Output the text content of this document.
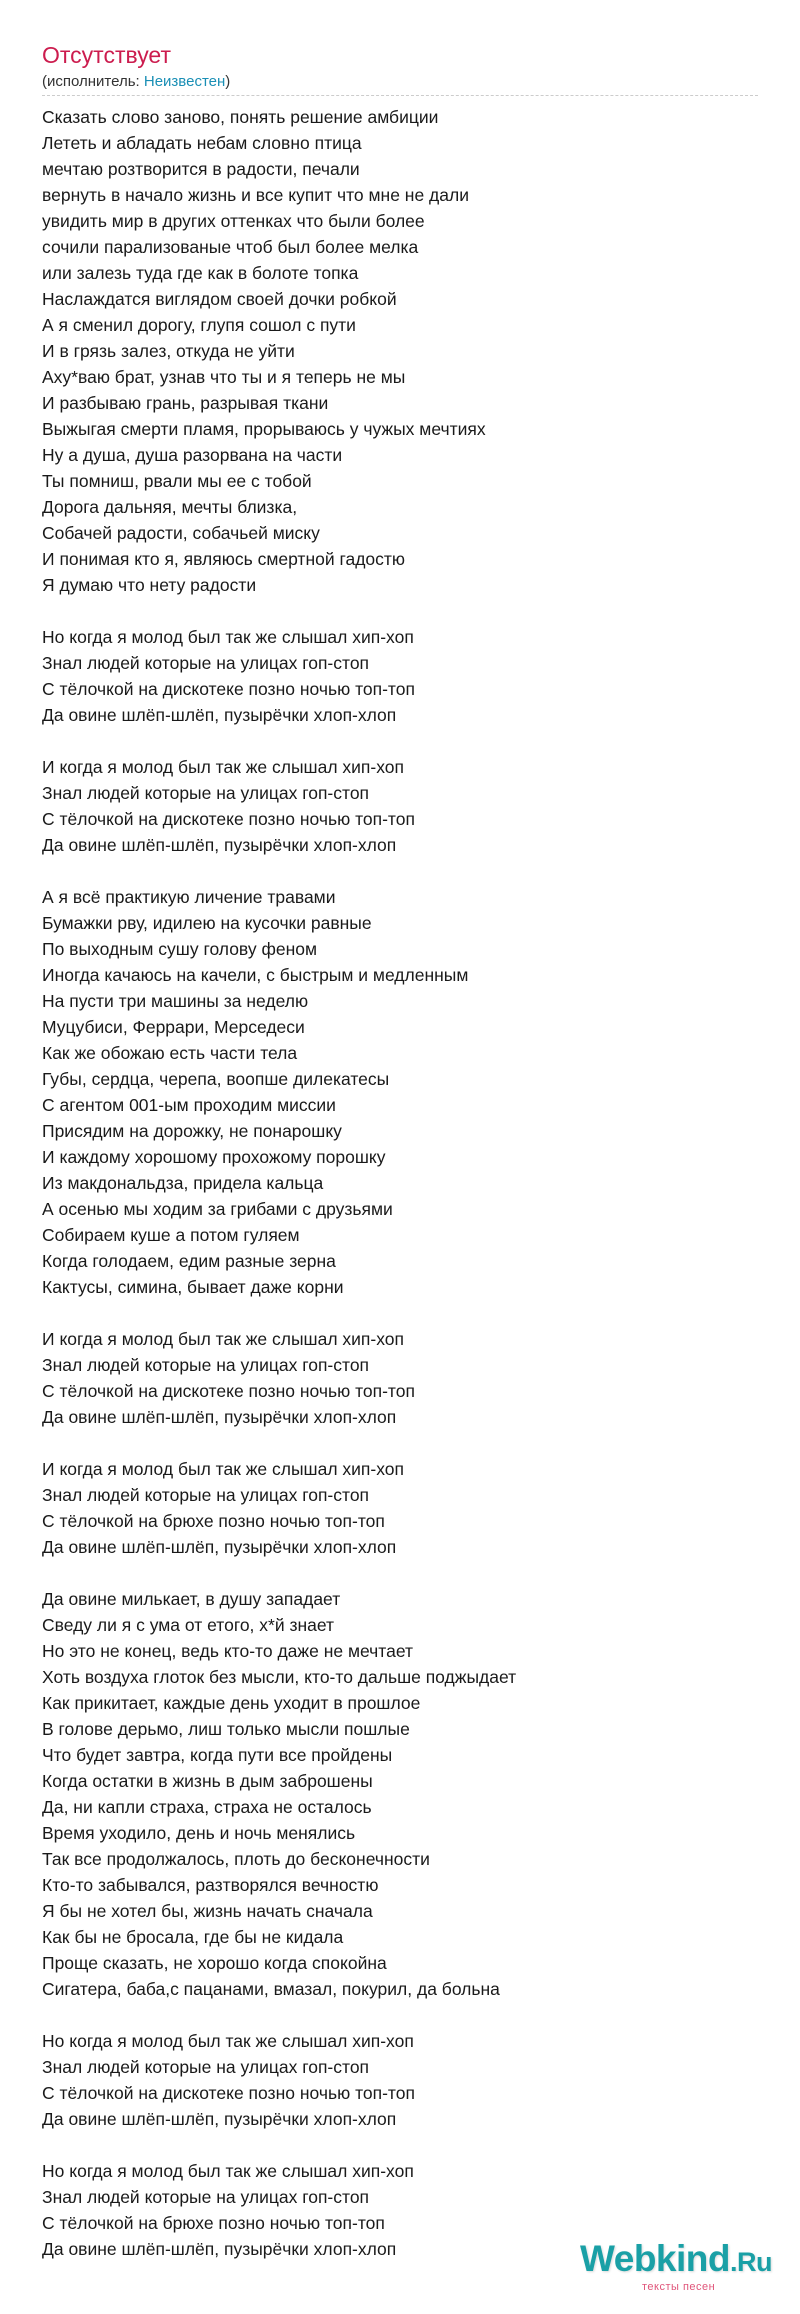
Отсутствует
(исполнитель: Неизвестен)
Сказать слово заново, понять решение амбиции
Лететь и абладать небам словно птица
мечтаю розтворится в радости, печали
вернуть в начало жизнь и все купит что мне не дали
увидить мир в других оттенках что были более
сочили парализованые чтоб был более мелка
или залезь туда где как в болоте топка
Наслаждатся виглядом своей дочки робкой
А я сменил дорогу, глупя сошол с пути
И в грязь залез, откуда не уйти
Аху*ваю брат, узнав что ты и я теперь не мы
И разбываю грань, разрывая ткани
Выжыгая смерти пламя, прорываюсь у чужых мечтиях
Ну а душа, душа разорвана на части
Ты помниш, рвали мы ее с тобой
Дорога дальняя, мечты близка,
Собачей радости, собачьей миску
И понимая кто я, являюсь смертной гадостю
Я думаю что нету радости
Но когда я молод был так же слышал хип-хоп
Знал людей которые на улицах гоп-стоп
С тёлочкой на дискотеке позно ночью топ-топ
Да овине шлёп-шлёп, пузырёчки хлоп-хлоп
И когда я молод был так же слышал хип-хоп
Знал людей которые на улицах гоп-стоп
С тёлочкой на дискотеке позно ночью топ-топ
Да овине шлёп-шлёп, пузырёчки хлоп-хлоп
А я всё практикую личение травами
Бумажки рву, идилею на кусочки равные
По выходным сушу голову феном
Иногда качаюсь на качели, с быстрым и медленным
На пусти три машины за неделю
Муцубиси, Феррари, Мерседеси
Как же обожаю есть части тела
Губы, сердца, черепа, воопше дилекатесы
С агентом 001-ым проходим миссии
Присядим на дорожку, не понарошку
И каждому хорошому прохожому порошку
Из макдональдза, придела кальца
А осенью мы ходим за грибами с друзьями
Собираем куше а потом гуляем
Когда голодаем, едим разные зерна
Кактусы, симина, бывает даже корни
И когда я молод был так же слышал хип-хоп
Знал людей которые на улицах гоп-стоп
С тёлочкой на дискотеке позно ночью топ-топ
Да овине шлёп-шлёп, пузырёчки хлоп-хлоп
И когда я молод был так же слышал хип-хоп
Знал людей которые на улицах гоп-стоп
С тёлочкой на брюхе позно ночью топ-топ
Да овине шлёп-шлёп, пузырёчки хлоп-хлоп
Да овине милькает, в душу западает
Сведу ли я с ума от етого, х*й знает
Но это не конец, ведь кто-то даже не мечтает
Хоть воздуха глоток без мысли, кто-то дальше поджыдает
Как прикитает, каждые день уходит в прошлое
В голове дерьмо, лиш только мысли пошлые
Что будет завтра, когда пути все пройдены
Когда остатки в жизнь в дым заброшены
Да, ни капли страха, страха не осталось
Время уходило, день и ночь менялись
Так все продолжалось, плоть до бесконечности
Кто-то забывался, разтворялся вечностю
Я бы не хотел бы, жизнь начать сначала
Как бы не бросала, где бы не кидала
Проще сказать, не хорошо когда спокойна
Сигатера, баба,с пацанами, вмазал, покурил, да больна
Но когда я молод был так же слышал хип-хоп
Знал людей которые на улицах гоп-стоп
С тёлочкой на дискотеке позно ночью топ-топ
Да овине шлёп-шлёп, пузырёчки хлоп-хлоп
Но когда я молод был так же слышал хип-хоп
Знал людей которые на улицах гоп-стоп
С тёлочкой на брюхе позно ночью топ-топ
Да овине шлёп-шлёп, пузырёчки хлоп-хлоп	Webkind.Ru
тексты песен
